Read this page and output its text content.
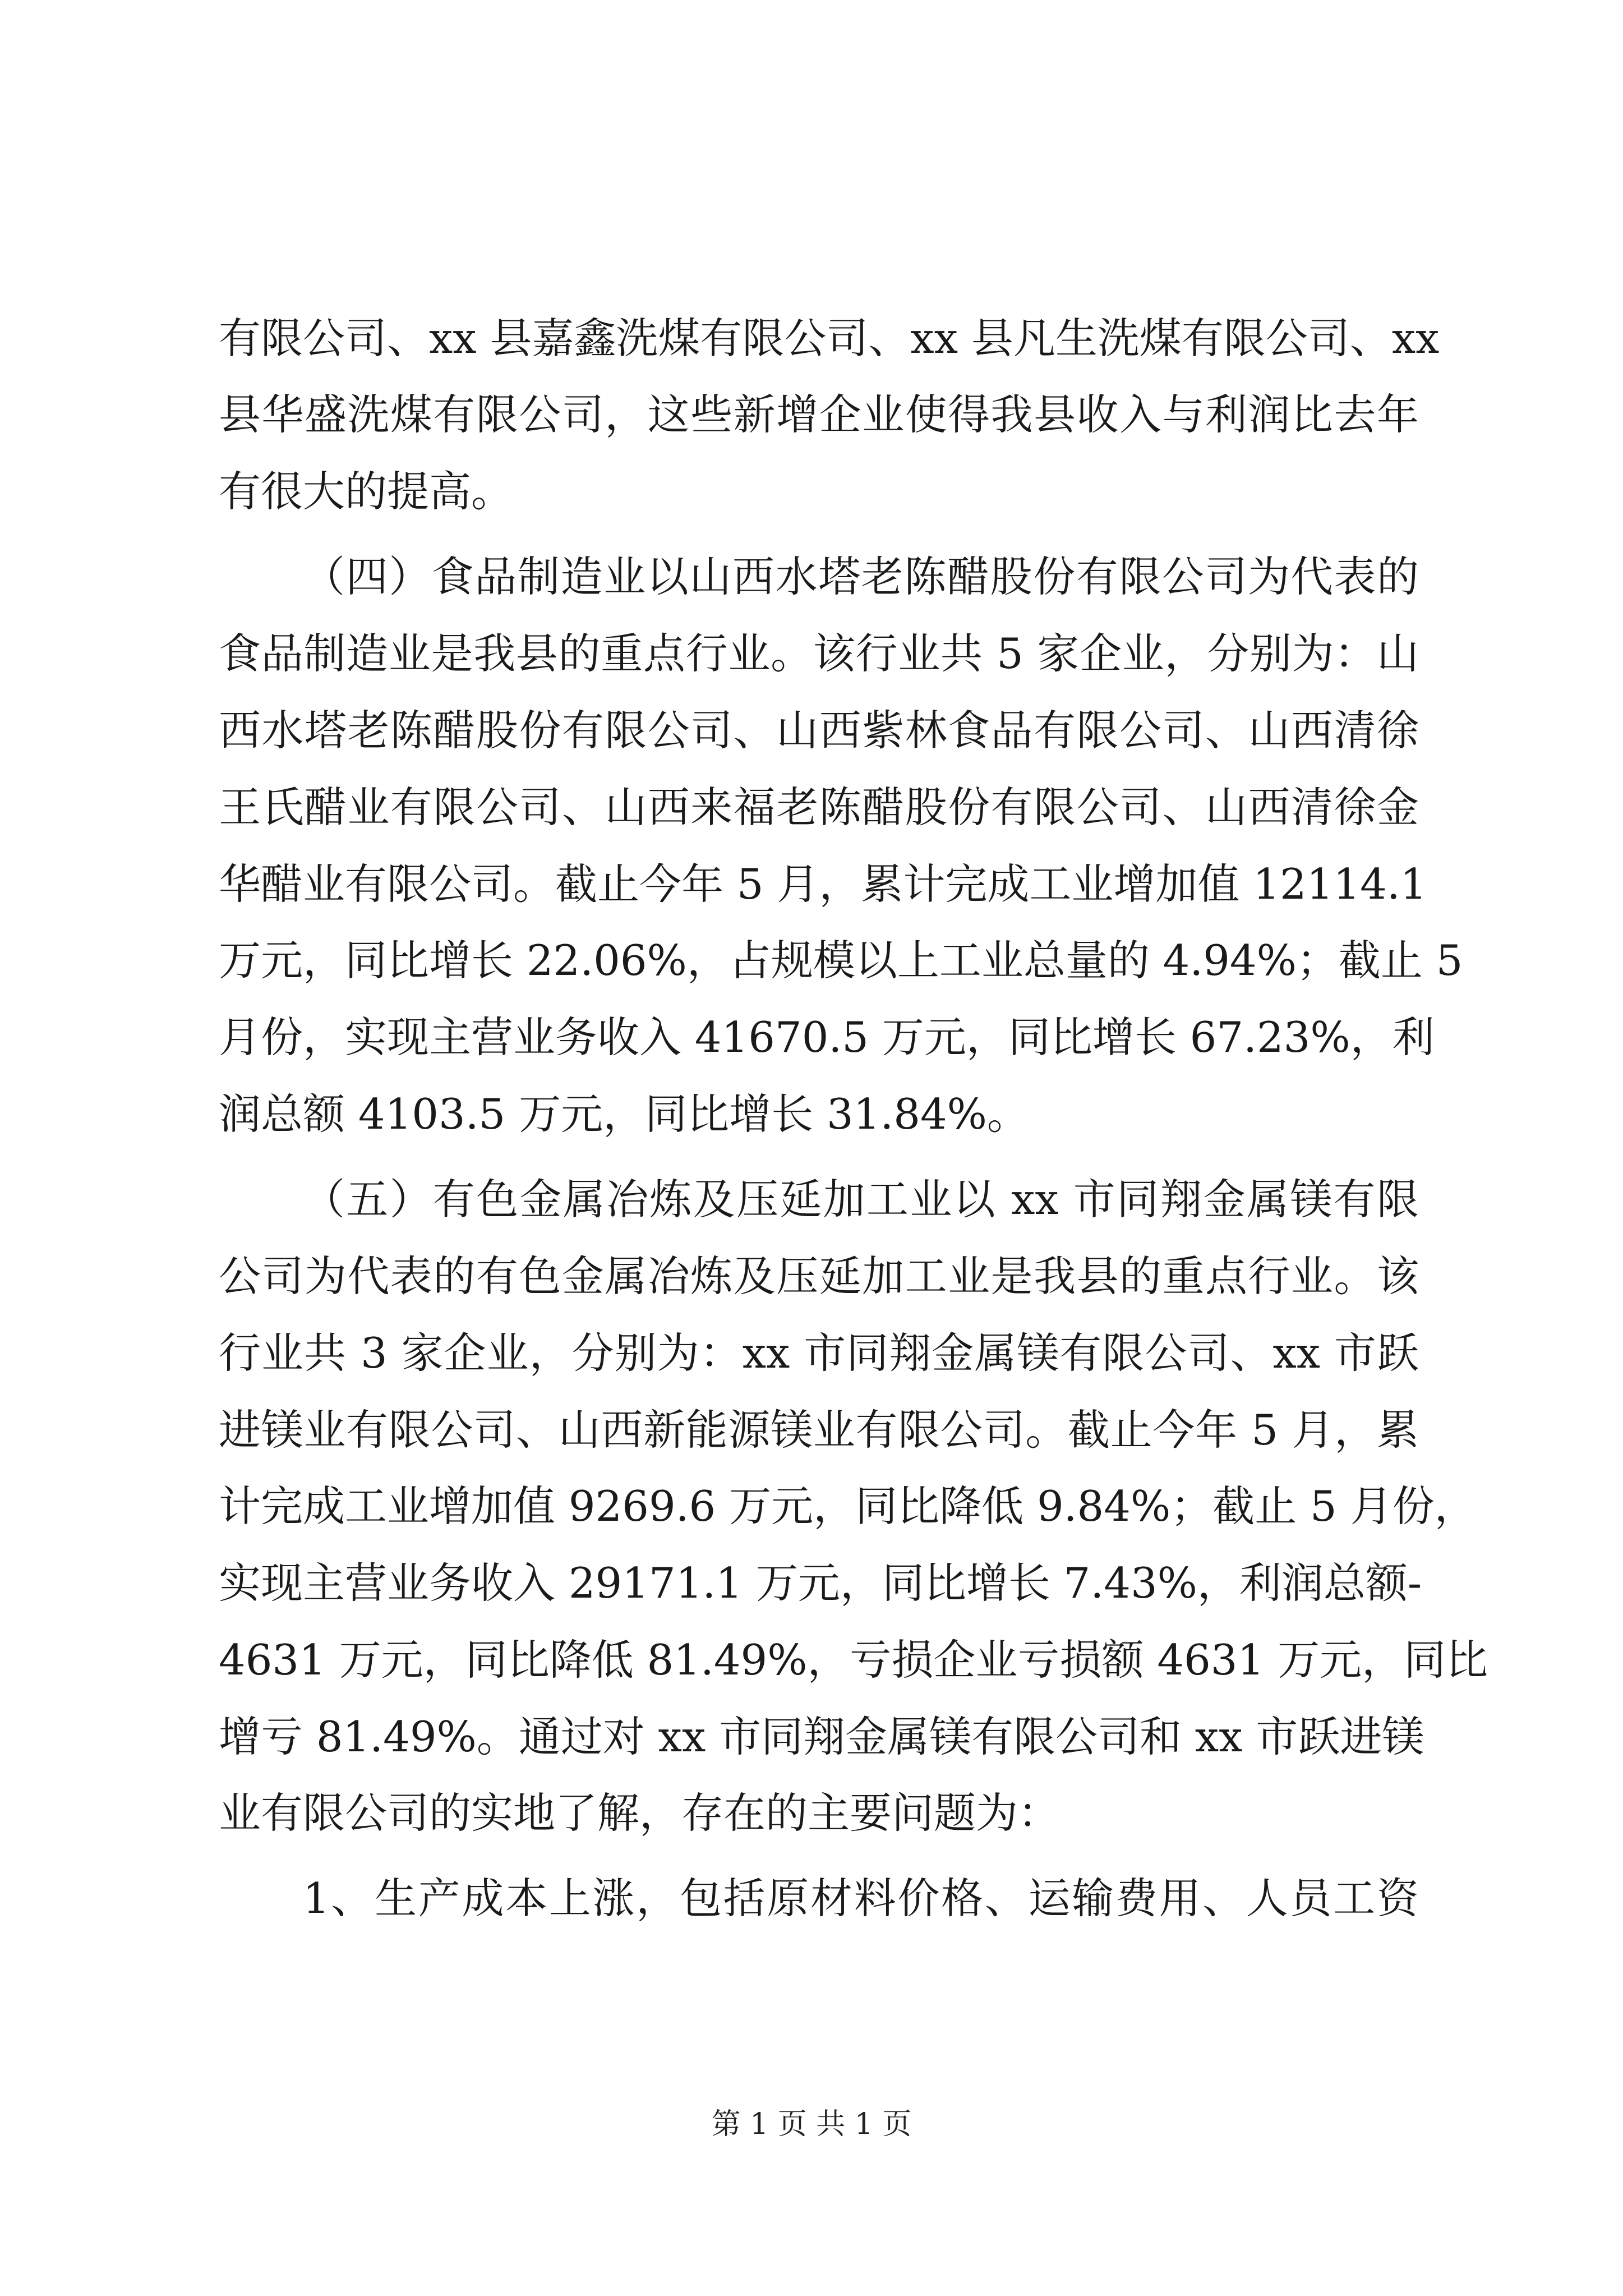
有限公司、xx 县嘉鑫洗煤有限公司、xx 县凡生洗煤有限公司、xx
县华盛洗煤有限公司，这些新增企业使得我县收入与利润比去年
有很大的提高。
（四）食品制造业以山西水塔老陈醋股份有限公司为代表的
食品制造业是我县的重点行业。该行业共 5 家企业，分别为：山
西水塔老陈醋股份有限公司、山西紫林食品有限公司、山西清徐
王氏醋业有限公司、山西来福老陈醋股份有限公司、山西清徐金
华醋业有限公司。截止今年 5 月，累计完成工业增加值 12114.1
万元，同比增长 22.06%，占规模以上工业总量的 4.94%；截止 5
月份，实现主营业务收入 41670.5 万元，同比增长 67.23%，利
润总额 4103.5 万元，同比增长 31.84%。
（五）有色金属冶炼及压延加工业以 xx 市同翔金属镁有限
公司为代表的有色金属冶炼及压延加工业是我县的重点行业。该
行业共 3 家企业，分别为：xx 市同翔金属镁有限公司、xx 市跃
进镁业有限公司、山西新能源镁业有限公司。截止今年 5 月，累
计完成工业增加值 9269.6 万元，同比降低 9.84%；截止 5 月份，
实现主营业务收入 29171.1 万元，同比增长 7.43%，利润总额-
4631 万元，同比降低 81.49%，亏损企业亏损额 4631 万元，同比
增亏 81.49%。通过对 xx 市同翔金属镁有限公司和 xx 市跃进镁
业有限公司的实地了解，存在的主要问题为：
1、生产成本上涨，包括原材料价格、运输费用、人员工资
第 1 页 共 1 页
